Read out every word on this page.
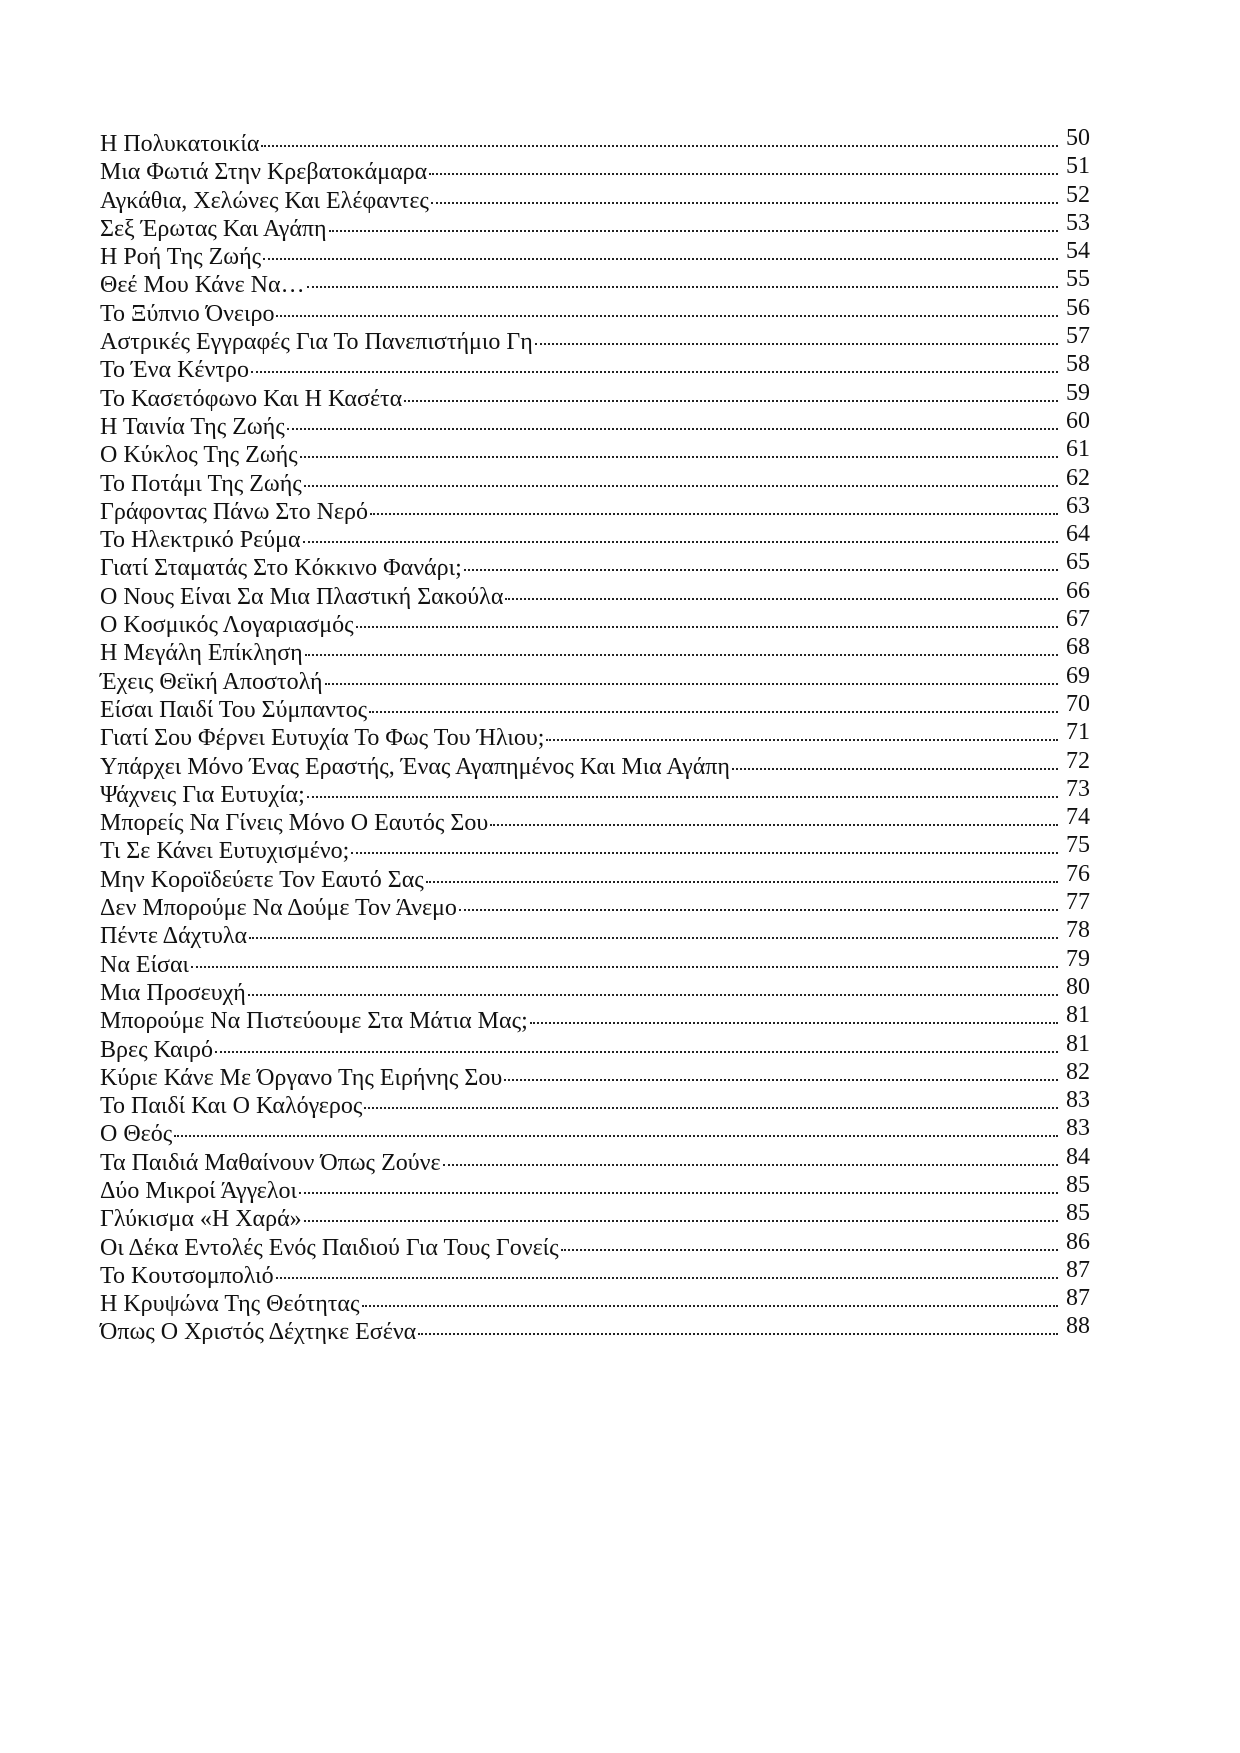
Η Πολυκατοικία	50
Μια Φωτιά Στην Κρεβατοκάμαρα	51
Αγκάθια, Χελώνες Και Ελέφαντες	52
Σεξ Έρωτας Και Αγάπη	53
Η Ροή Της Ζωής	54
Θεέ Μου Κάνε Να…	55
Το Ξύπνιο Όνειρο	56
Αστρικές Εγγραφές Για Το Πανεπιστήμιο Γη	57
Το Ένα Κέντρο	58
Το Κασετόφωνο Και Η Κασέτα	59
Η Ταινία Της Ζωής	60
Ο Κύκλος Της Ζωής	61
Το Ποτάμι Της Ζωής	62
Γράφοντας Πάνω Στο Νερό	63
Το Ηλεκτρικό Ρεύμα	64
Γιατί Σταματάς Στο Κόκκινο Φανάρι;	65
Ο Νους Είναι Σα Μια Πλαστική Σακούλα	66
Ο Κοσμικός Λογαριασμός	67
Η Μεγάλη Επίκληση	68
Έχεις Θεϊκή Αποστολή	69
Είσαι Παιδί Του Σύμπαντος	70
Γιατί Σου Φέρνει Ευτυχία Το Φως Του Ήλιου;	71
Υπάρχει Μόνο Ένας Εραστής, Ένας Αγαπημένος Και Μια Αγάπη	72
Ψάχνεις Για Ευτυχία;	73
Μπορείς Να Γίνεις Μόνο Ο Εαυτός Σου	74
Τι Σε Κάνει Ευτυχισμένο;	75
Μην Κοροϊδεύετε Τον Εαυτό Σας	76
Δεν Μπορούμε Να Δούμε Τον Άνεμο	77
Πέντε Δάχτυλα	78
Να Είσαι	79
Μια Προσευχή	80
Μπορούμε Να Πιστεύουμε Στα Μάτια Μας;	81
Βρες Καιρό	81
Κύριε Κάνε Με Όργανο Της Ειρήνης Σου	82
Το Παιδί Και Ο Καλόγερος	83
Ο Θεός	83
Τα Παιδιά Μαθαίνουν Όπως Ζούνε	84
Δύο Μικροί Άγγελοι	85
Γλύκισμα «Η Χαρά»	85
Οι Δέκα Εντολές Ενός Παιδιού Για Τους Γονείς	86
Το Κουτσομπολιό	87
Η Κρυψώνα Της Θεότητας	87
Όπως Ο Χριστός Δέχτηκε Εσένα	88
